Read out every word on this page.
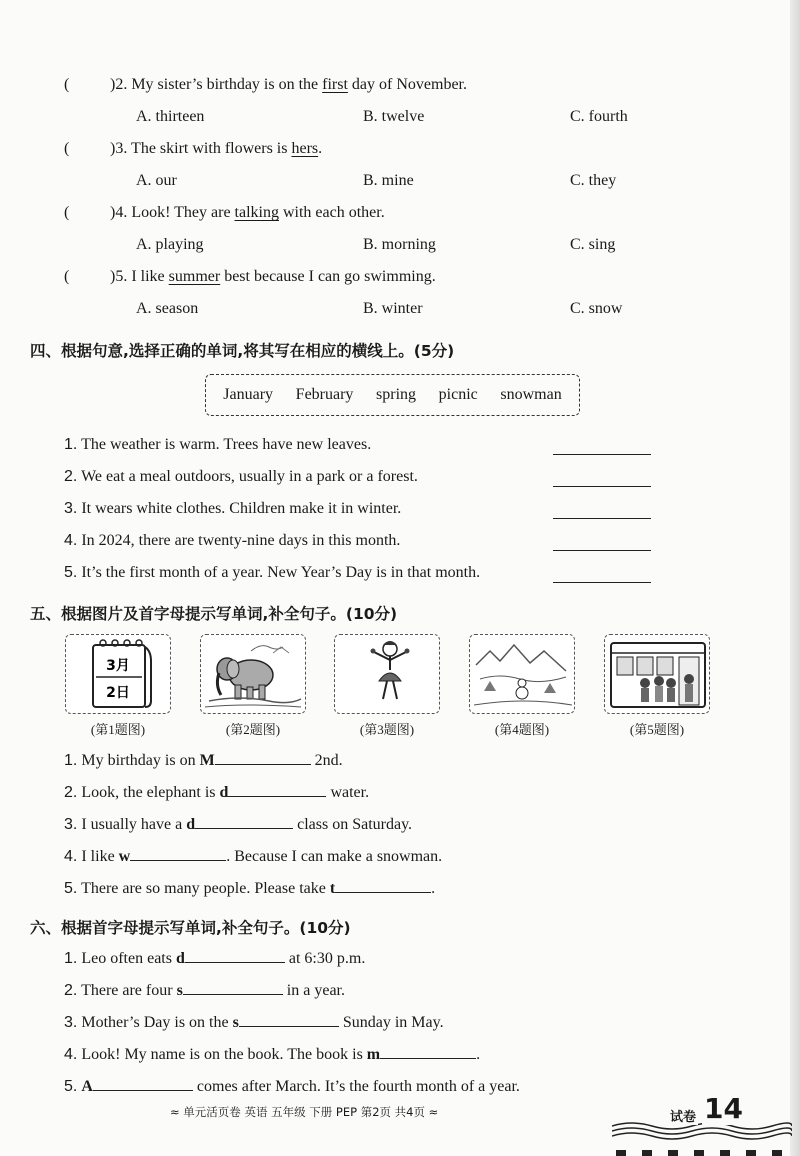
(	)2. My sister’s birthday is on the first day of November.
A. thirteen	B. twelve	C. fourth
(	)3. The skirt with flowers is hers.
A. our	B. mine	C. they
(	)4. Look! They are talking with each other.
A. playing	B. morning	C. sing
(	)5. I like summer best because I can go swimming.
A. season	B. winter	C. snow
四、根据句意,选择正确的单词,将其写在相应的横线上。(5分)
January February spring picnic snowman
1. The weather is warm. Trees have new leaves.
2. We eat a meal outdoors, usually in a park or a forest.
3. It wears white clothes. Children make it in winter.
4. In 2024, there are twenty-nine days in this month.
5. It’s the first month of a year. New Year’s Day is in that month.
五、根据图片及首字母提示写单词,补全句子。(10分)
3月
2日
(第1题图)	(第2题图)	(第3题图)	(第4题图)	(第5题图)
1. My birthday is on M	2nd.
2. Look, the elephant is d	water.
3. I usually have a d	class on Saturday.
4. I like w	. Because I can make a snowman.
5. There are so many people. Please take t	.
六、根据首字母提示写单词,补全句子。(10分)
1. Leo often eats d	at 6:30 p.m.
2. There are four s	in a year.
3. Mother’s Day is on the s	Sunday in May.
4. Look! My name is on the book. The book is m	.
5. A	comes after March. It’s the fourth month of a year.
≈ 单元活页卷 英语 五年级 下册 PEP 第2页 共4页 ≈	试卷 14
